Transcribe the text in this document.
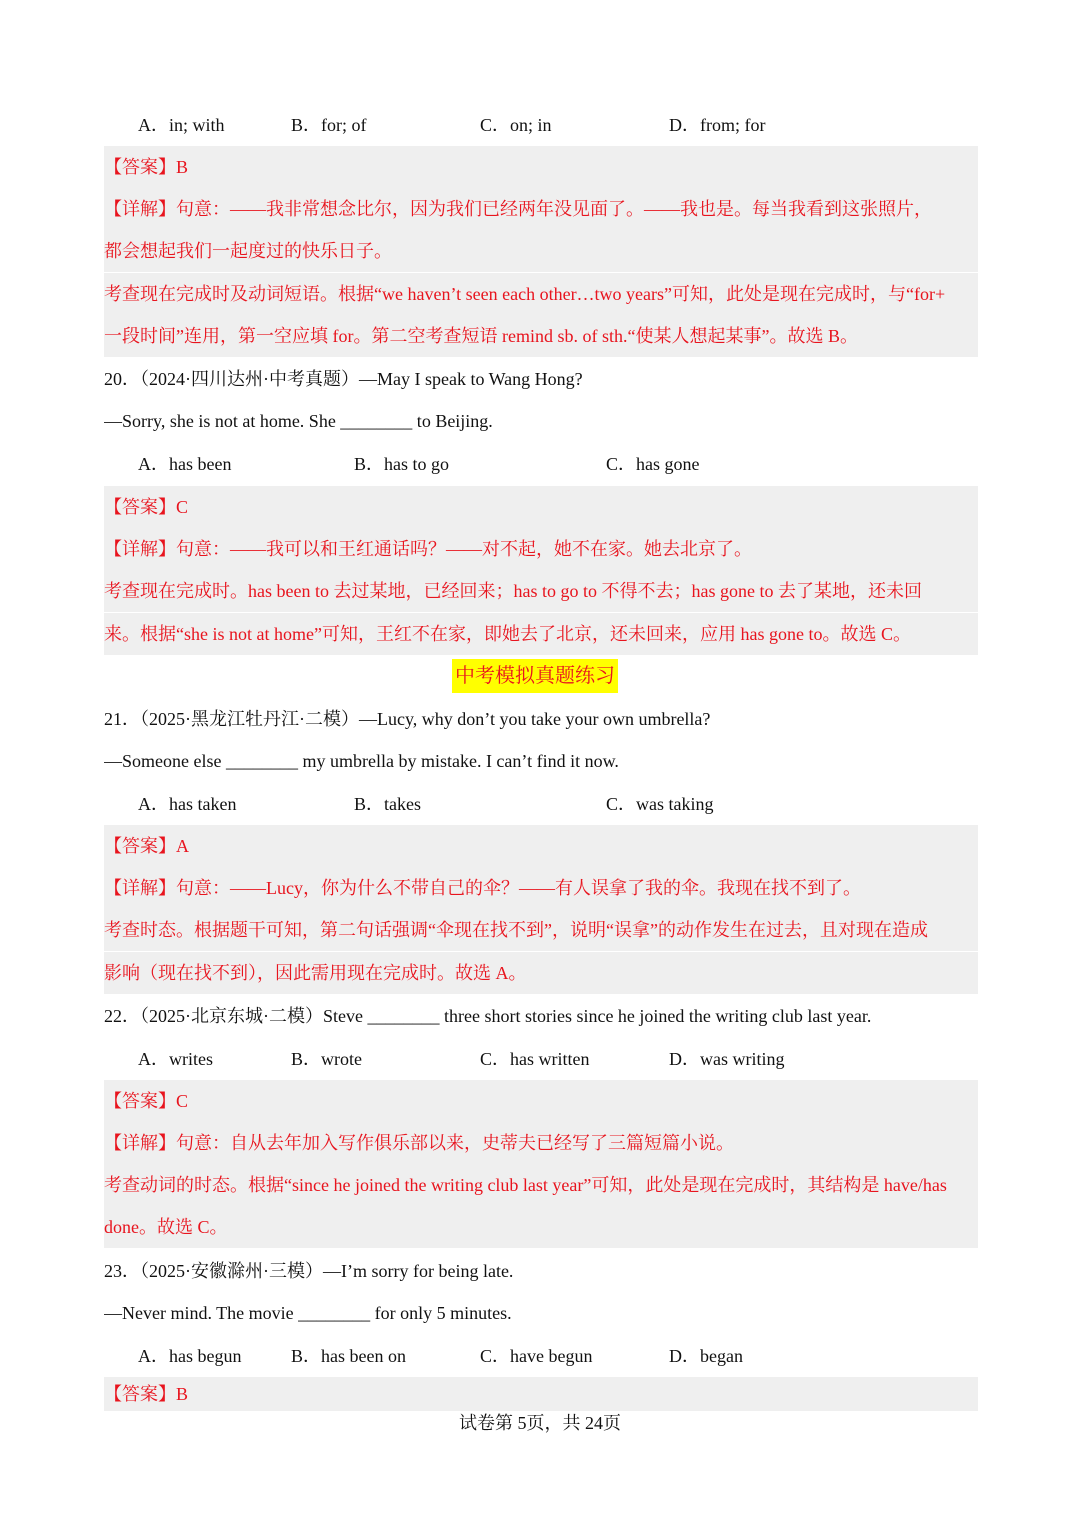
A．in; with	B．for; of	C．on; in	D．from; for
【答案】B
【详解】句意：——我非常想念比尔，因为我们已经两年没见面了。——我也是。每当我看到这张照片，
都会想起我们一起度过的快乐日子。
考查现在完成时及动词短语。根据“we haven’t seen each other…two years”可知，此处是现在完成时，与“for+
一段时间”连用，第一空应填 for。第二空考查短语 remind sb. of sth.“使某人想起某事”。故选 B。
20．（2024·四川达州·中考真题）—May I speak to Wang Hong?
—Sorry, she is not at home. She ________ to Beijing.
A．has been	B．has to go	C．has gone
【答案】C
【详解】句意：——我可以和王红通话吗？——对不起，她不在家。她去北京了。
考查现在完成时。has been to 去过某地，已经回来；has to go to 不得不去；has gone to 去了某地，还未回
来。根据“she is not at home”可知，王红不在家，即她去了北京，还未回来，应用 has gone to。故选 C。
中考模拟真题练习
21．（2025·黑龙江牡丹江·二模）—Lucy, why don’t you take your own umbrella?
—Someone else ________ my umbrella by mistake. I can’t find it now.
A．has taken	B．takes	C．was taking
【答案】A
【详解】句意：——Lucy，你为什么不带自己的伞？——有人误拿了我的伞。我现在找不到了。
考查时态。根据题干可知，第二句话强调“伞现在找不到”，说明“误拿”的动作发生在过去，且对现在造成
影响（现在找不到），因此需用现在完成时。故选 A。
22．（2025·北京东城·二模）Steve ________ three short stories since he joined the writing club last year.
A．writes	B．wrote	C．has written	D．was writing
【答案】C
【详解】句意：自从去年加入写作俱乐部以来，史蒂夫已经写了三篇短篇小说。
考查动词的时态。根据“since he joined the writing club last year”可知，此处是现在完成时，其结构是 have/has
done。故选 C。
23．（2025·安徽滁州·三模）—I’m sorry for being late.
—Never mind. The movie ________ for only 5 minutes.
A．has begun	B．has been on	C．have begun	D．began
【答案】B
试卷第 5页，共 24页
